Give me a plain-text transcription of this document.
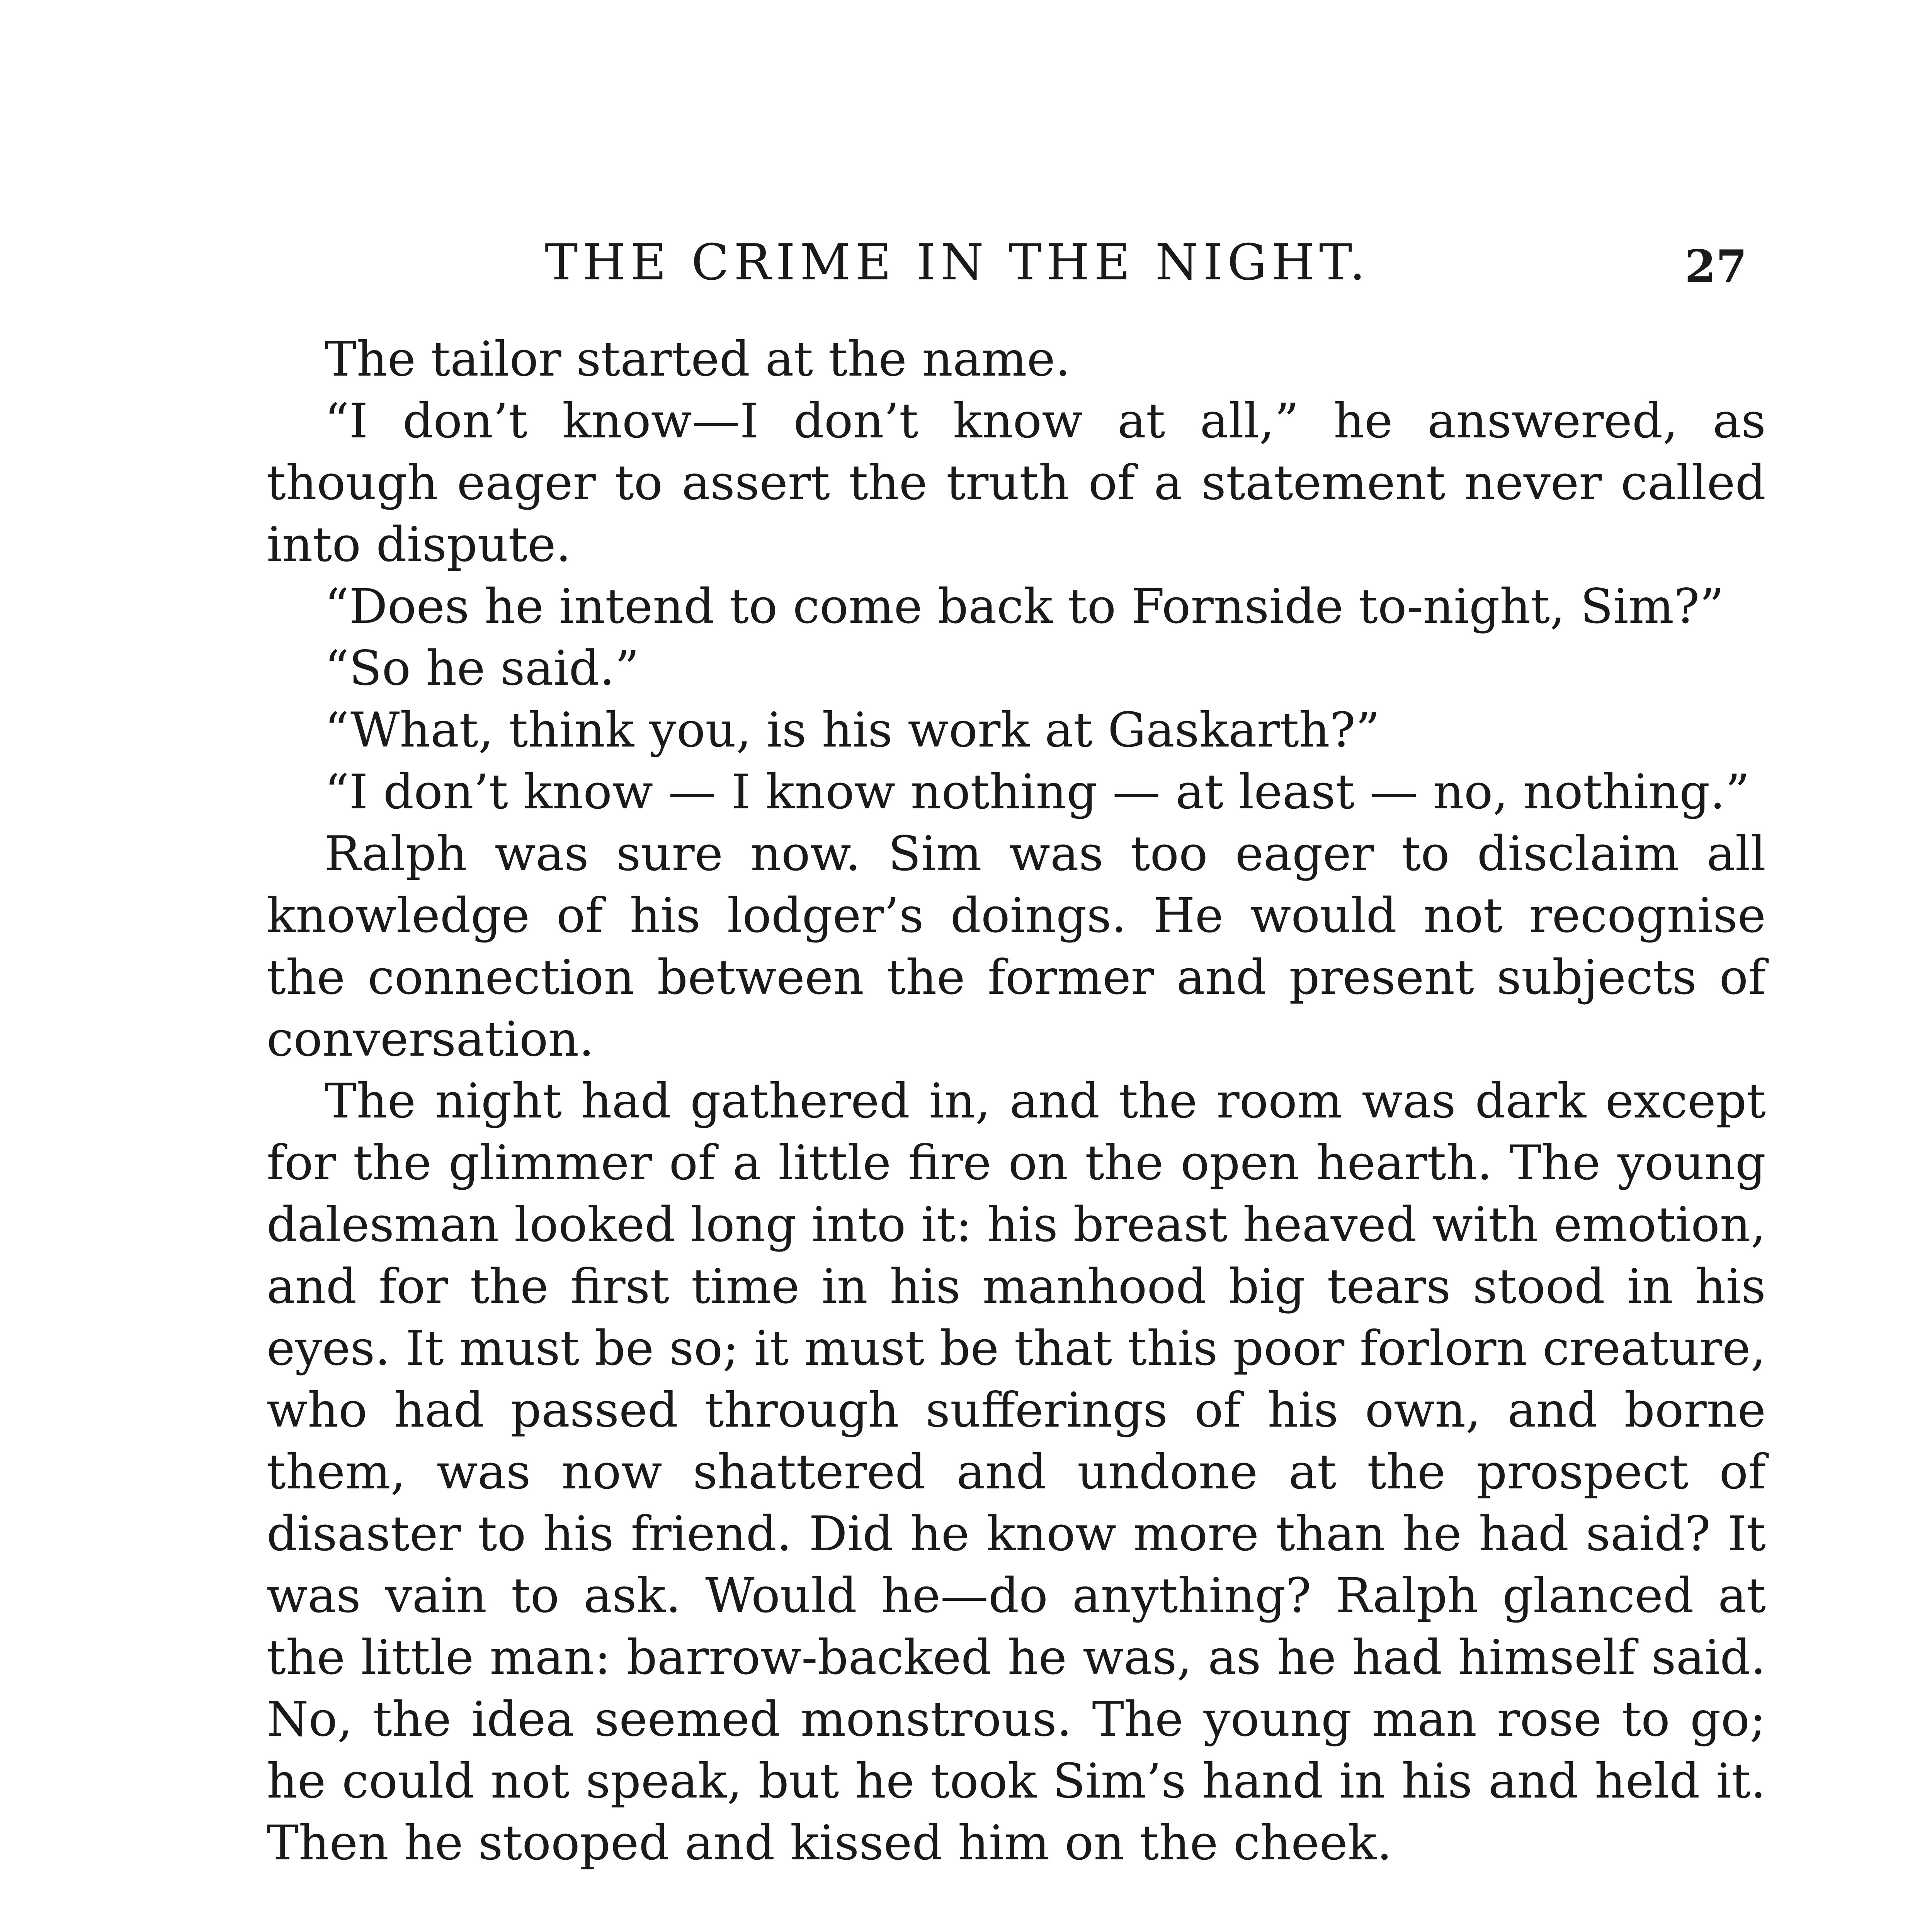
THE CRIME IN THE NIGHT.	27

The tailor started at the name.

“I don’t know—I don’t know at all,” he answered, as though eager to assert the truth of a statement never called into dispute.

“Does he intend to come back to Fornside to-night, Sim?”

“So he said.”

“What, think you, is his work at Gaskarth?”

“I don’t know — I know nothing — at least — no, nothing.”

Ralph was sure now. Sim was too eager to disclaim all knowledge of his lodger’s doings. He would not recognise the connection between the former and present subjects of conversation.

The night had gathered in, and the room was dark except for the glimmer of a little fire on the open hearth. The young dalesman looked long into it: his breast heaved with emotion, and for the first time in his manhood big tears stood in his eyes. It must be so; it must be that this poor forlorn creature, who had passed through sufferings of his own, and borne them, was now shattered and undone at the prospect of disaster to his friend. Did he know more than he had said? It was vain to ask. Would he—do anything? Ralph glanced at the little man: barrow-backed he was, as he had himself said. No, the idea seemed monstrous. The young man rose to go; he could not speak, but he took Sim’s hand in his and held it. Then he stooped and kissed him on the cheek.
